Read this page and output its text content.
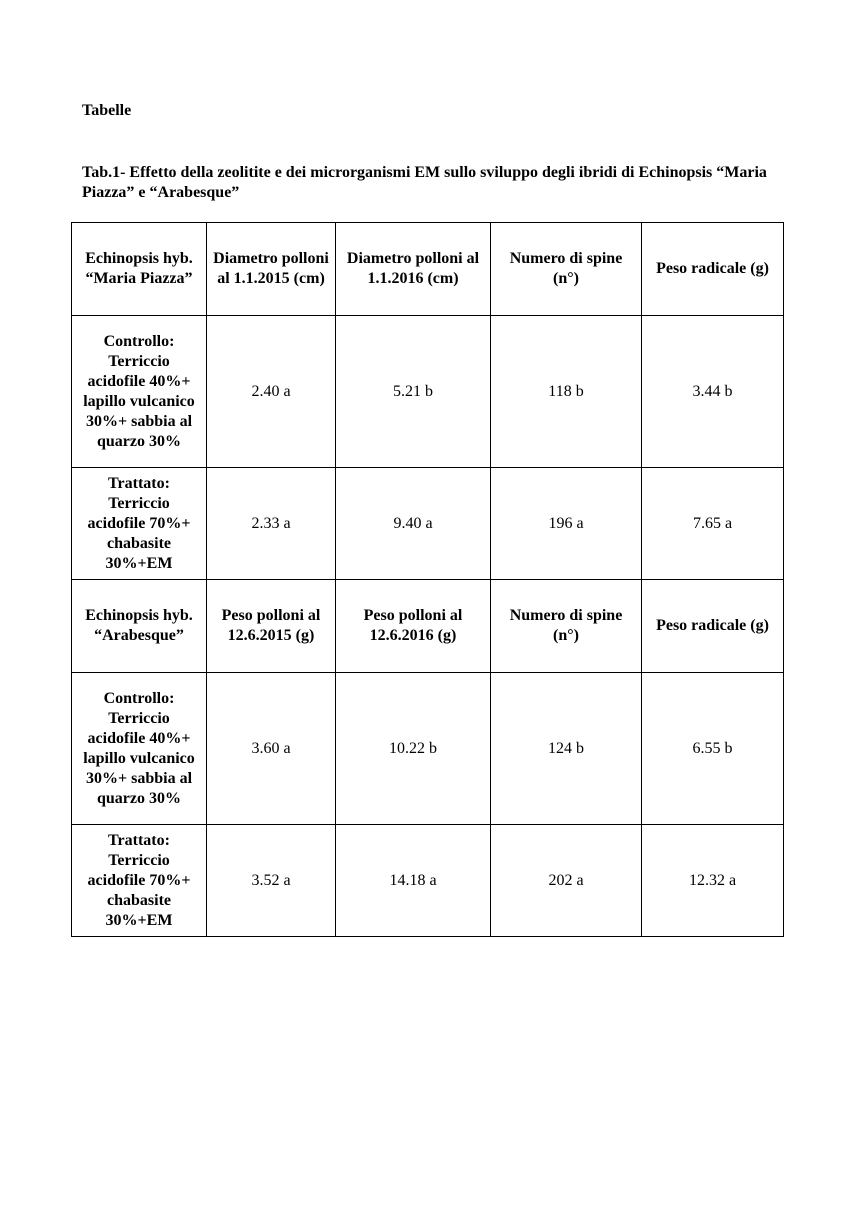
Tabelle

Tab.1- Effetto della zeolitite e dei microrganismi EM sullo sviluppo degli ibridi di Echinopsis “Maria Piazza” e “Arabesque”

Echinopsis hyb. “Maria Piazza”	Diametro polloni al 1.1.2015 (cm)	Diametro polloni al 1.1.2016 (cm)	Numero di spine (n°)	Peso radicale (g)
Controllo: Terriccio acidofile 40%+ lapillo vulcanico 30%+ sabbia al quarzo 30%	2.40 a	5.21 b	118 b	3.44 b
Trattato: Terriccio acidofile 70%+ chabasite 30%+EM	2.33 a	9.40 a	196 a	7.65 a
Echinopsis hyb. “Arabesque”	Peso polloni al 12.6.2015 (g)	Peso polloni al 12.6.2016 (g)	Numero di spine (n°)	Peso radicale (g)
Controllo: Terriccio acidofile 40%+ lapillo vulcanico 30%+ sabbia al quarzo 30%	3.60 a	10.22 b	124 b	6.55 b
Trattato: Terriccio acidofile 70%+ chabasite 30%+EM	3.52 a	14.18 a	202 a	12.32 a
